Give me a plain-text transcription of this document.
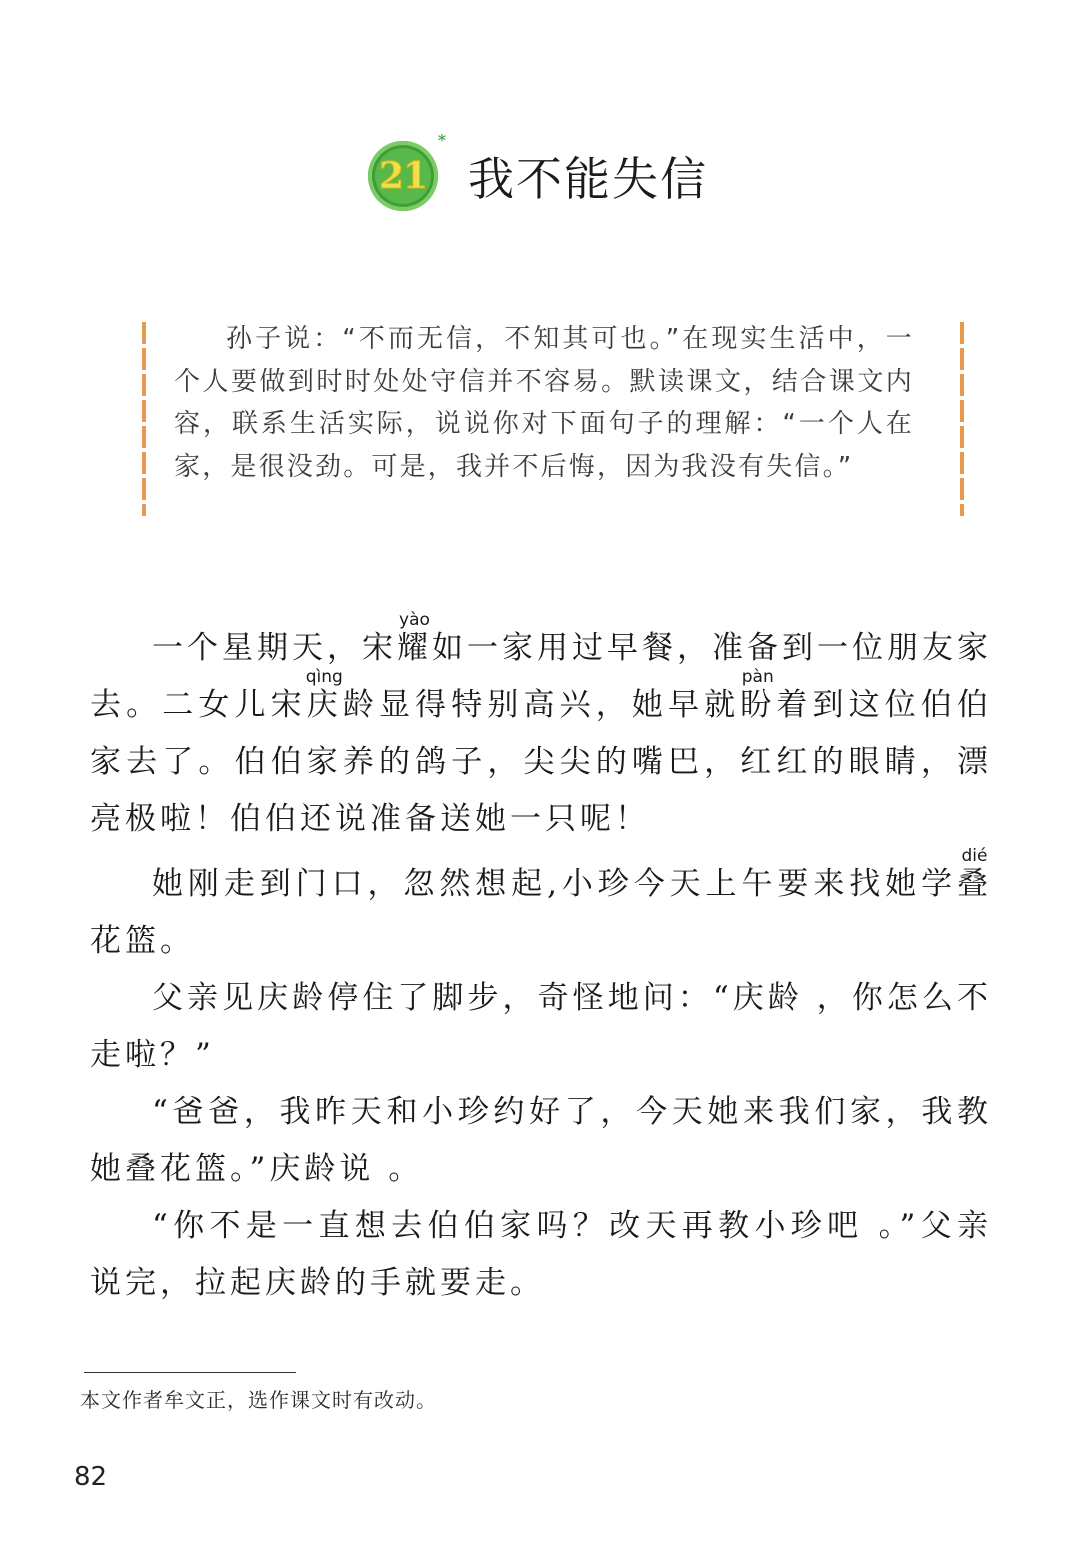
21
*
我不能失信

孙子说：“不而无信，不知其可也。”在现实生活中，一个人要做到时时处处守信并不容易。默读课文，结合课文内容，联系生活实际，说说你对下面句子的理解：“一个人在家，是很没劲。可是，我并不后悔，因为我没有失信。”

一个星期天，宋耀yào如一家用过早餐，准备到一位朋友家去。二女儿宋庆qìng龄显得特别高兴，她早就盼pàn着到这位伯伯家去了。伯伯家养的鸽子，尖尖的嘴巴，红红的眼睛，漂亮极啦！伯伯还说准备送她一只呢！

她刚走到门口，忽然想起,小珍今天上午要来找她学叠dié花篮。

父亲见庆龄停住了脚步，奇怪地问：“庆龄 ，你怎么不走啦？”

“爸爸，我昨天和小珍约好了，今天她来我们家，我教她叠花篮。”庆龄说 。

“你不是一直想去伯伯家吗？改天再教小珍吧 。”父亲说完，拉起庆龄的手就要走。

本文作者牟文正，选作课文时有改动。
82
